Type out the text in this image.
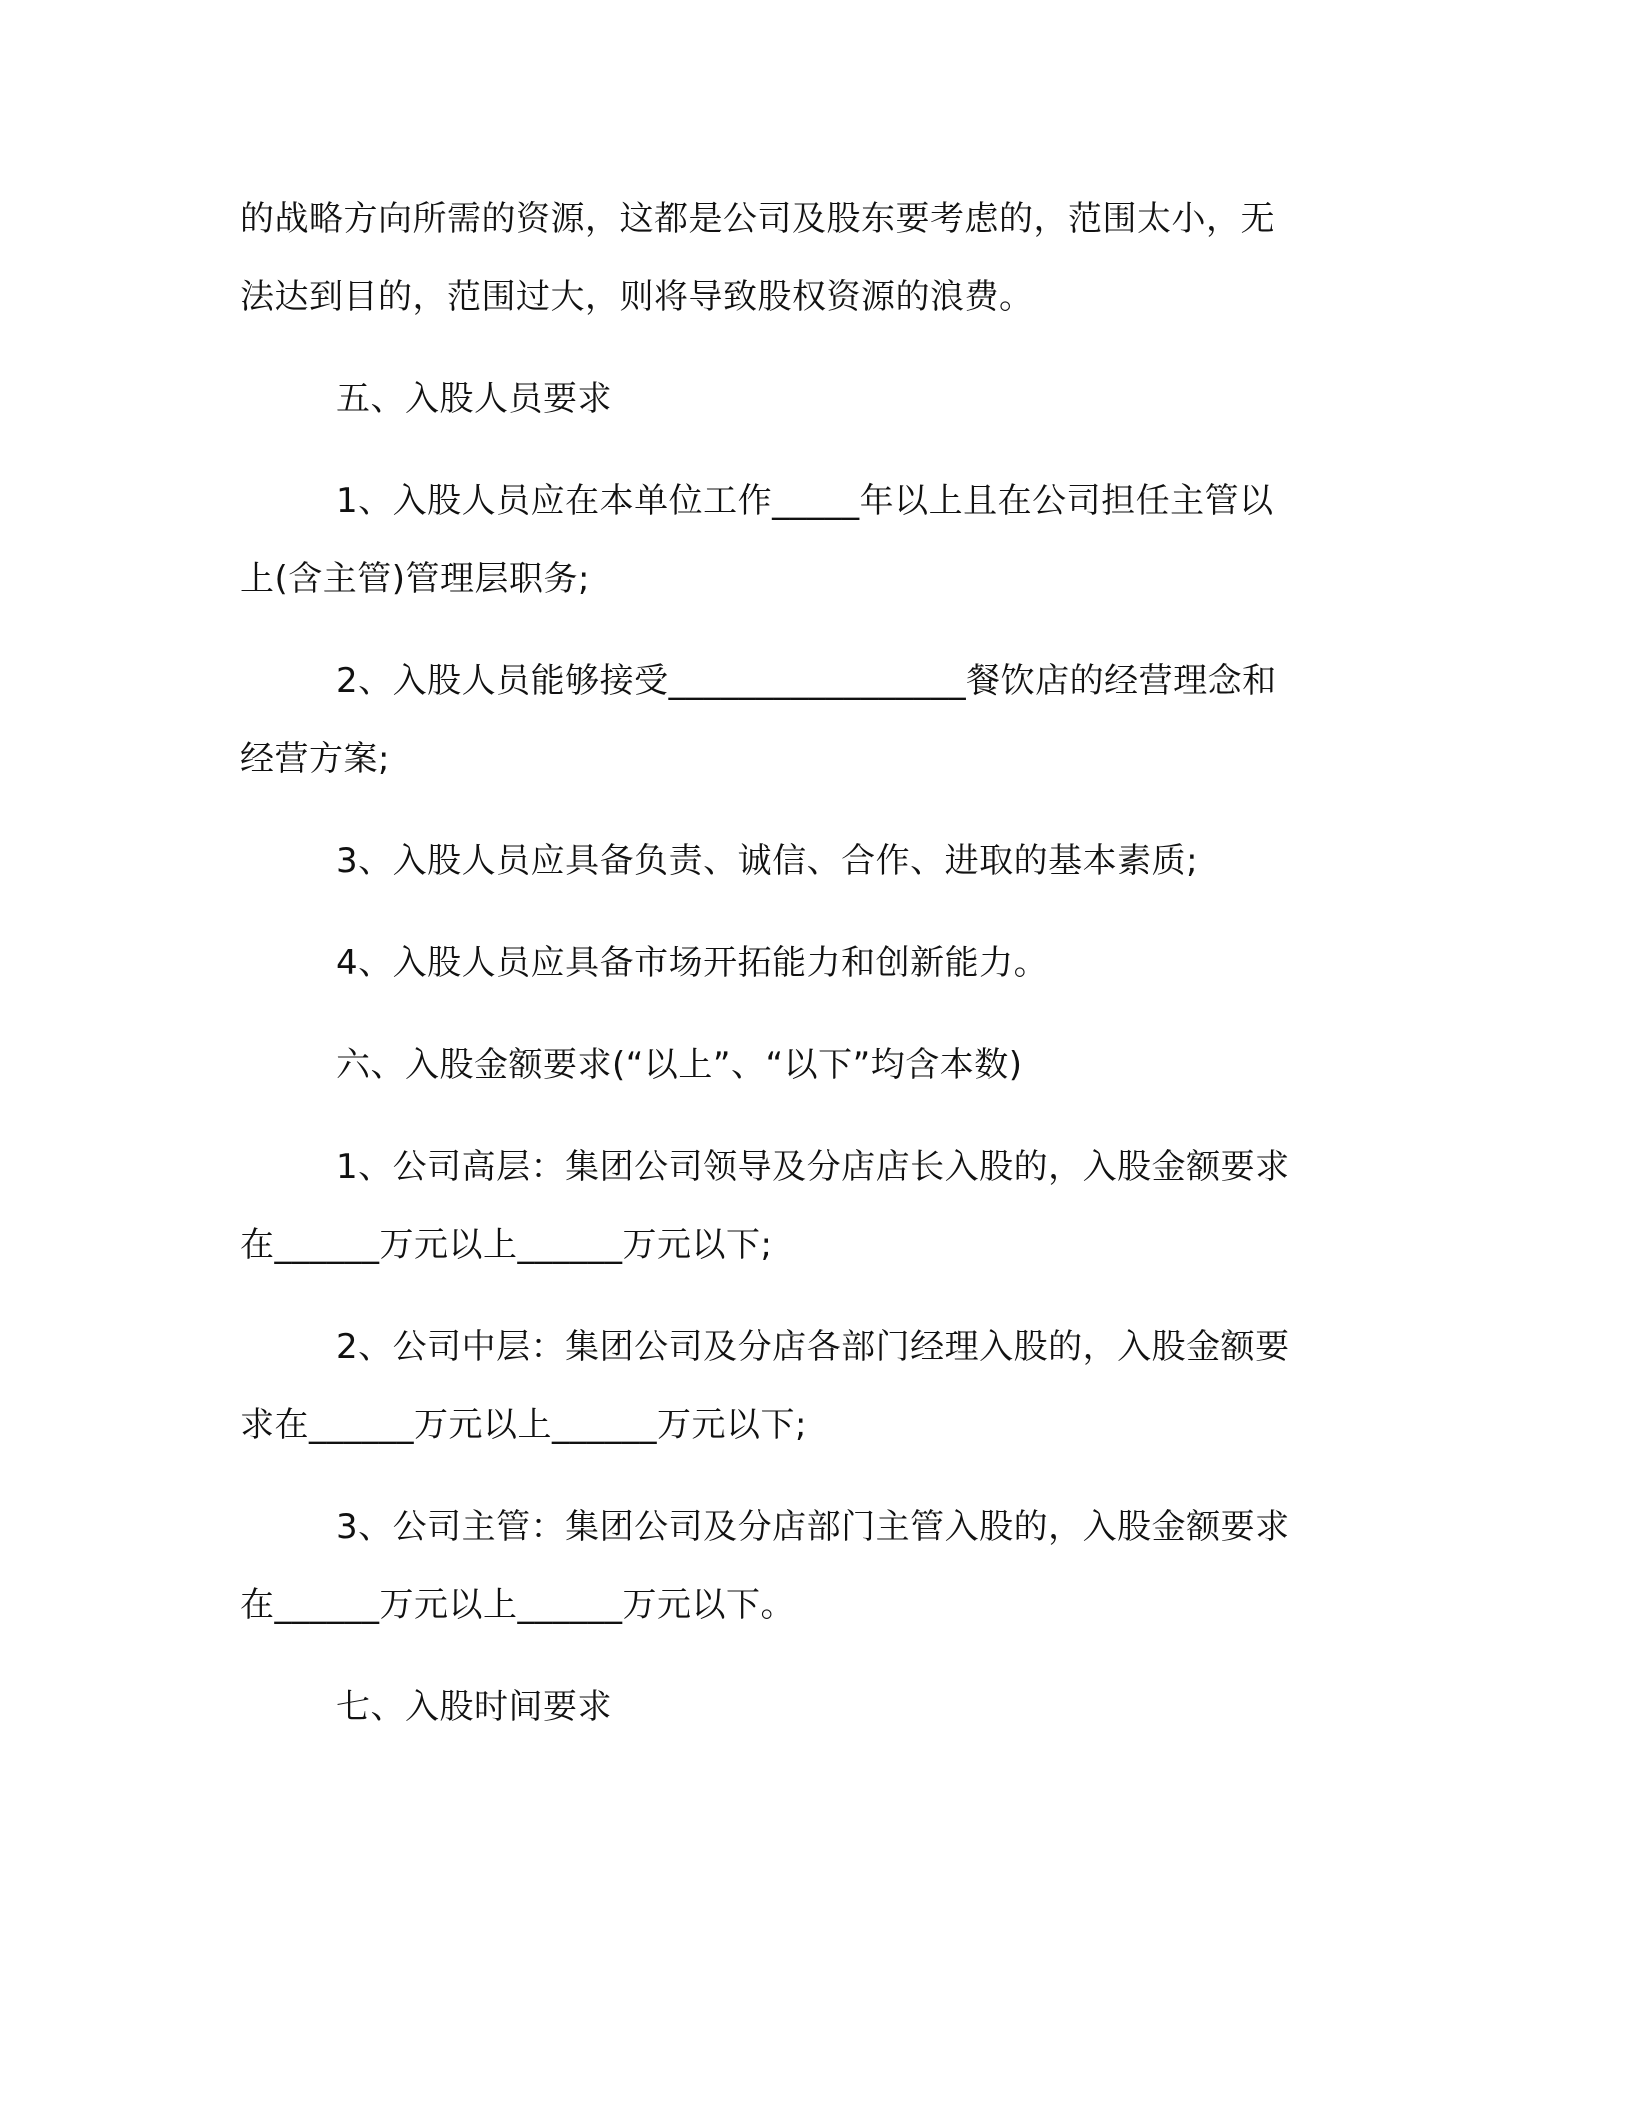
的战略方向所需的资源，这都是公司及股东要考虑的，范围太小，无
法达到目的，范围过大，则将导致股权资源的浪费。
五、入股人员要求
1、入股人员应在本单位工作_____年以上且在公司担任主管以
上(含主管)管理层职务;
2、入股人员能够接受_________________餐饮店的经营理念和
经营方案;
3、入股人员应具备负责、诚信、合作、进取的基本素质;
4、入股人员应具备市场开拓能力和创新能力。
六、入股金额要求(“以上”、“以下”均含本数)
1、公司高层：集团公司领导及分店店长入股的，入股金额要求
在______万元以上______万元以下;
2、公司中层：集团公司及分店各部门经理入股的，入股金额要
求在______万元以上______万元以下;
3、公司主管：集团公司及分店部门主管入股的，入股金额要求
在______万元以上______万元以下。
七、入股时间要求
